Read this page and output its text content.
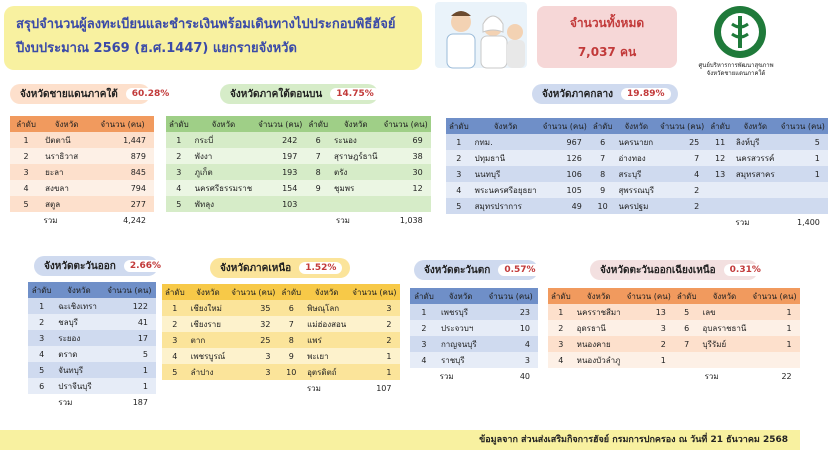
สรุปจำนวนผู้ลงทะเบียนและชำระเงินพร้อมเดินทางไปประกอบพิธีฮัจย์
ปีงบประมาณ 2569 (ฮ.ศ.1447) แยกรายจังหวัด
จำนวนทั้งหมด
7,037 คน
ศูนย์บริหารการพัฒนาสุขภาพ
จังหวัดชายแดนภาคใต้
จังหวัดชายแดนภาคใต้	60.28%	จังหวัดภาคใต้ตอนบน	14.75%	จังหวัดภาคกลาง	19.89%
จังหวัดตะวันออก	2.66%	จังหวัดภาคเหนือ	1.52%	จังหวัดตะวันตก	0.57%	จังหวัดตะวันออกเฉียงเหนือ	0.31%
ลำดับ	จังหวัด	จำนวน (คน)
1	ปัตตานี	1,447
2	นราธิวาส	879
3	ยะลา	845
4	สงขลา	794
5	สตูล	277
รวม		4,242
ลำดับ	จังหวัด	จำนวน (คน)	ลำดับ	จังหวัด	จำนวน (คน)
1	กระบี่	242	6	ระนอง	69
2	พังงา	197	7	สุราษฎร์ธานี	38
3	ภูเก็ต	193	8	ตรัง	30
4	นครศรีธรรมราช	154	9	ชุมพร	12
5	พัทลุง	103			
			รวม		1,038
ลำดับ	จังหวัด	จำนวน (คน)	ลำดับ	จังหวัด	จำนวน (คน)	ลำดับ	จังหวัด	จำนวน (คน)
1	กทม.	967	6	นครนายก	25	11	ลิงห์บุรี	5
2	ปทุมธานี	126	7	อ่างทอง	7	12	นครสวรรค์	1
3	นนทบุรี	106	8	สระบุรี	4	13	สมุทรสาคร	1
4	พระนครศรีอยุธยา	105	9	สุพรรณบุรี	2			
5	สมุทรปราการ	49	10	นครปฐม	2			
						รวม		1,400
ลำดับ	จังหวัด	จำนวน (คน)
1	ฉะเชิงเทรา	122
2	ชลบุรี	41
3	ระยอง	17
4	ตราด	5
5	จันทบุรี	1
6	ปราจีนบุรี	1
รวม		187
ลำดับ	จังหวัด	จำนวน (คน)	ลำดับ	จังหวัด	จำนวน (คน)
1	เชียงใหม่	35	6	พิษณุโลก	3
2	เชียงราย	32	7	แม่ฮ่องสอน	2
3	ตาก	25	8	แพร่	2
4	เพชรบูรณ์	3	9	พะเยา	1
5	ลำปาง	3	10	อุตรดิตถ์	1
			รวม		107
ลำดับ	จังหวัด	จำนวน (คน)
1	เพชรบุรี	23
2	ประจวบฯ	10
3	กาญจนบุรี	4
4	ราชบุรี	3
รวม		40
ลำดับ	จังหวัด	จำนวน (คน)	ลำดับ	จังหวัด	จำนวน (คน)
1	นครราชสีมา	13	5	เลข	1
2	อุดรธานี	3	6	อุบลราชธานี	1
3	หนองคาย	2	7	บุรีรัมย์	1
4	หนองบัวลำภู	1			
			รวม		22
ข้อมูลจาก ส่วนส่งเสริมกิจการฮัจย์ กรมการปกครอง ณ วันที่ 21 ธันวาคม 2568
